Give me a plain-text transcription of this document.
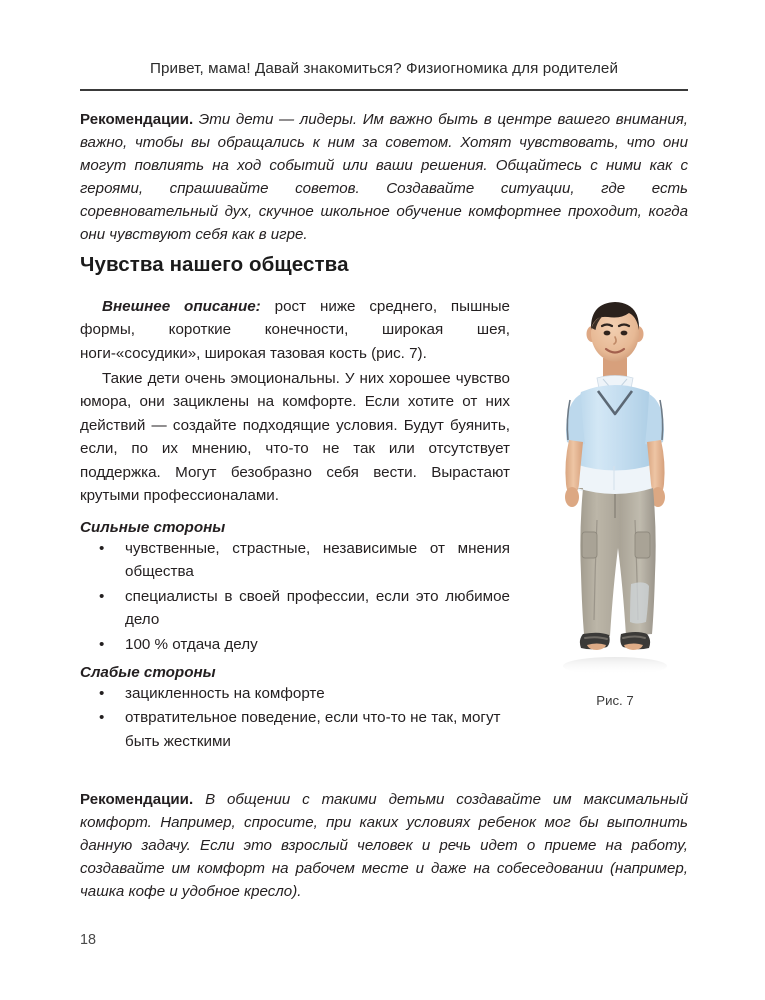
Привет, мама! Давай знакомиться? Физиогномика для родителей

Рекомендации. Эти дети — лидеры. Им важно быть в центре вашего внимания, важно, чтобы вы обращались к ним за советом. Хотят чувствовать, что они могут повлиять на ход событий или ваши решения. Общайтесь с ними как с героями, спрашивайте советов. Создавайте ситуации, где есть соревновательный дух, скучное школьное обучение комфортнее проходит, когда они чувствуют себя как в игре.

Чувства нашего общества

Внешнее описание: рост ниже среднего, пышные формы, короткие конечности, широкая шея, ноги-«сосудики», широкая тазовая кость (рис. 7).

Такие дети очень эмоциональны. У них хорошее чувство юмора, они зациклены на комфорте. Если хотите от них действий — создайте подходящие условия. Будут буянить, если, по их мнению, что-то не так или отсутствует поддержка. Могут безобразно себя вести. Вырастают крутыми профессионалами.

Сильные стороны
• чувственные, страстные, независимые от мнения общества
• специалисты в своей профессии, если это любимое дело
• 100 % отдача делу
Слабые стороны
• зацикленность на комфорте
• отвратительное поведение, если что-то не так, могут быть жесткими

Рекомендации. В общении с такими детьми создавайте им максимальный комфорт. Например, спросите, при каких условиях ребенок мог бы выполнить данную задачу. Если это взрослый человек и речь идет о приеме на работу, создавайте им комфорт на рабочем месте и даже на собеседовании (например, чашка кофе и удобное кресло).

Рис. 7
18
